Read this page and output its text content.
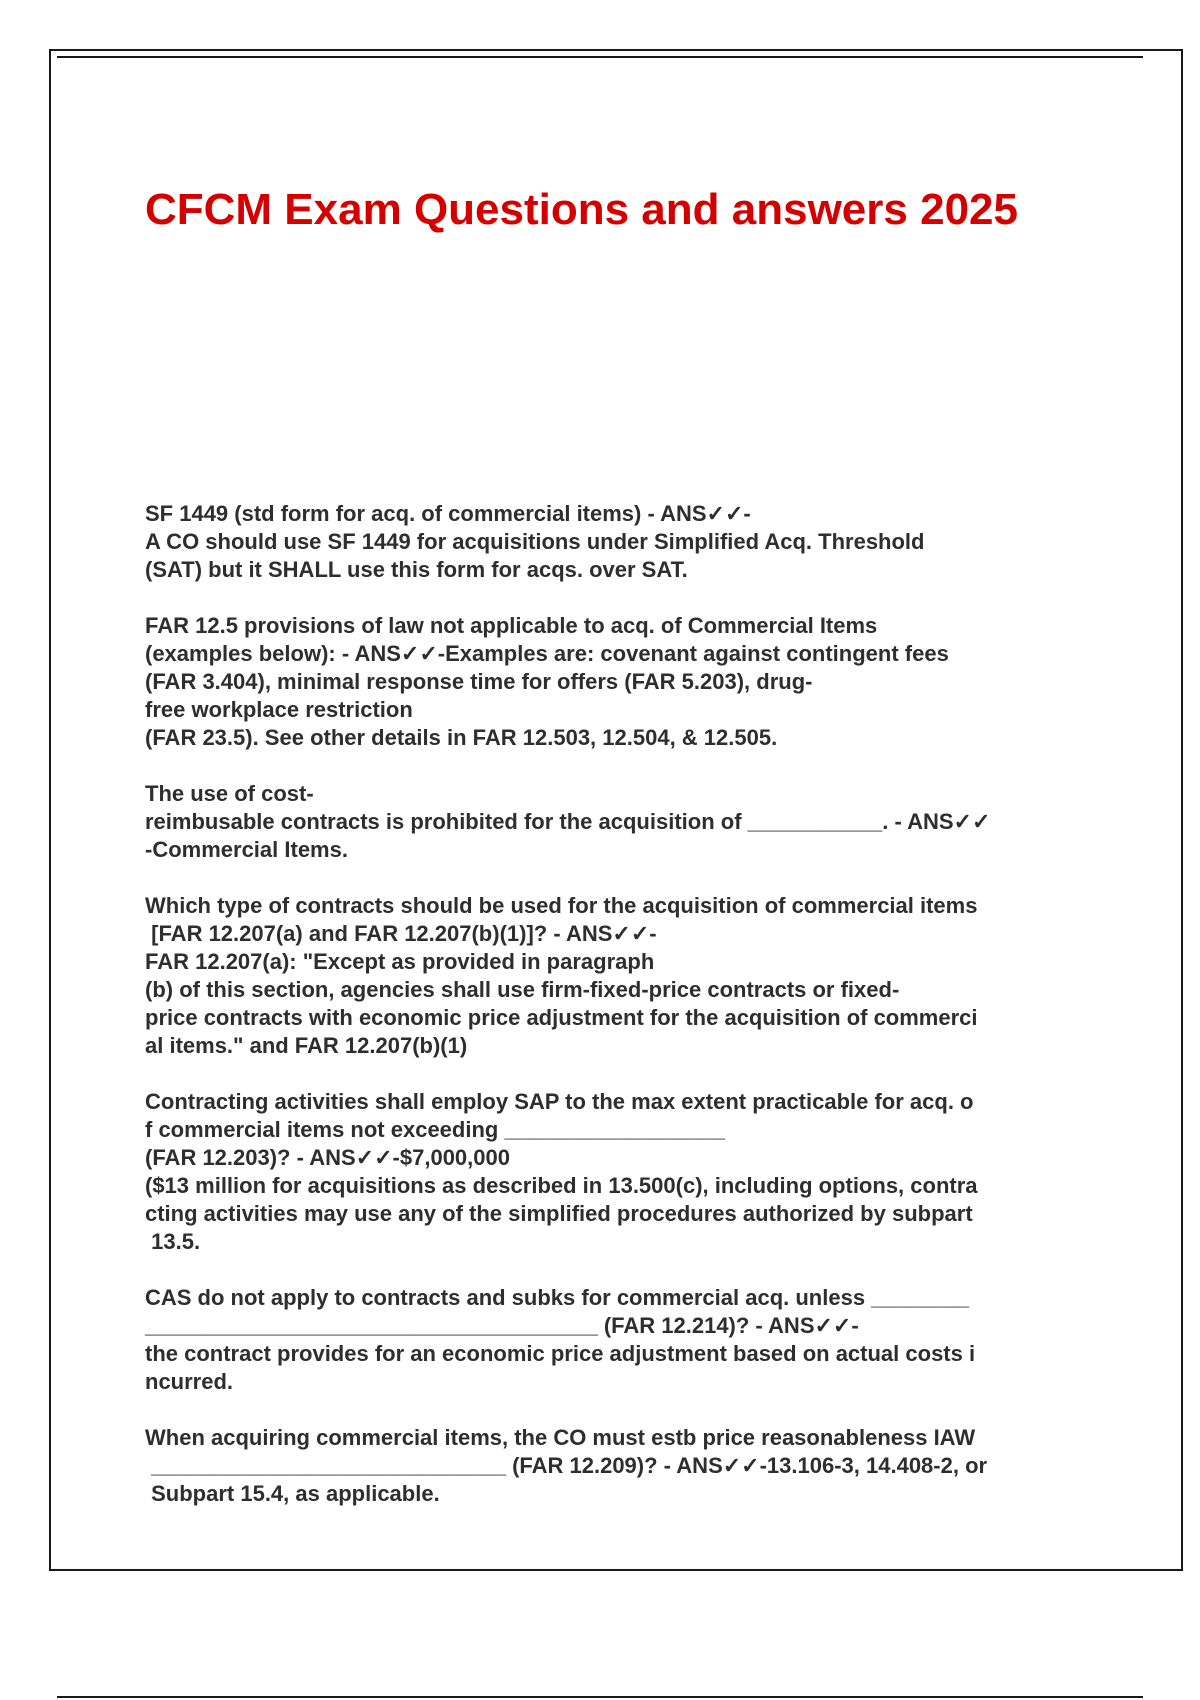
CFCM Exam Questions and answers 2025

SF 1449 (std form for acq. of commercial items) - ANS✓✓-

A CO should use SF 1449 for acquisitions under Simplified Acq. Threshold

(SAT) but it SHALL use this form for acqs. over SAT.

FAR 12.5 provisions of law not applicable to acq. of Commercial Items

(examples below): - ANS✓✓-Examples are: covenant against contingent fees

(FAR 3.404), minimal response time for offers (FAR 5.203), drug-

free workplace restriction

(FAR 23.5). See other details in FAR 12.503, 12.504, & 12.505.

The use of cost-

reimbusable contracts is prohibited for the acquisition of ___________. - ANS✓✓

-Commercial Items.

Which type of contracts should be used for the acquisition of commercial items

[FAR 12.207(a) and FAR 12.207(b)(1)]? - ANS✓✓-

FAR 12.207(a): "Except as provided in paragraph

(b) of this section, agencies shall use firm-fixed-price contracts or fixed-

price contracts with economic price adjustment for the acquisition of commerci

al items." and FAR 12.207(b)(1)

Contracting activities shall employ SAP to the max extent practicable for acq. o

f commercial items not exceeding __________________

(FAR 12.203)? - ANS✓✓-$7,000,000

($13 million for acquisitions as described in 13.500(c), including options, contra

cting activities may use any of the simplified procedures authorized by subpart

13.5.

CAS do not apply to contracts and subks for commercial acq. unless ________

_____________________________________ (FAR 12.214)? - ANS✓✓-

the contract provides for an economic price adjustment based on actual costs i

ncurred.

When acquiring commercial items, the CO must estb price reasonableness IAW

_____________________________ (FAR 12.209)? - ANS✓✓-13.106-3, 14.408-2, or

Subpart 15.4, as applicable.
